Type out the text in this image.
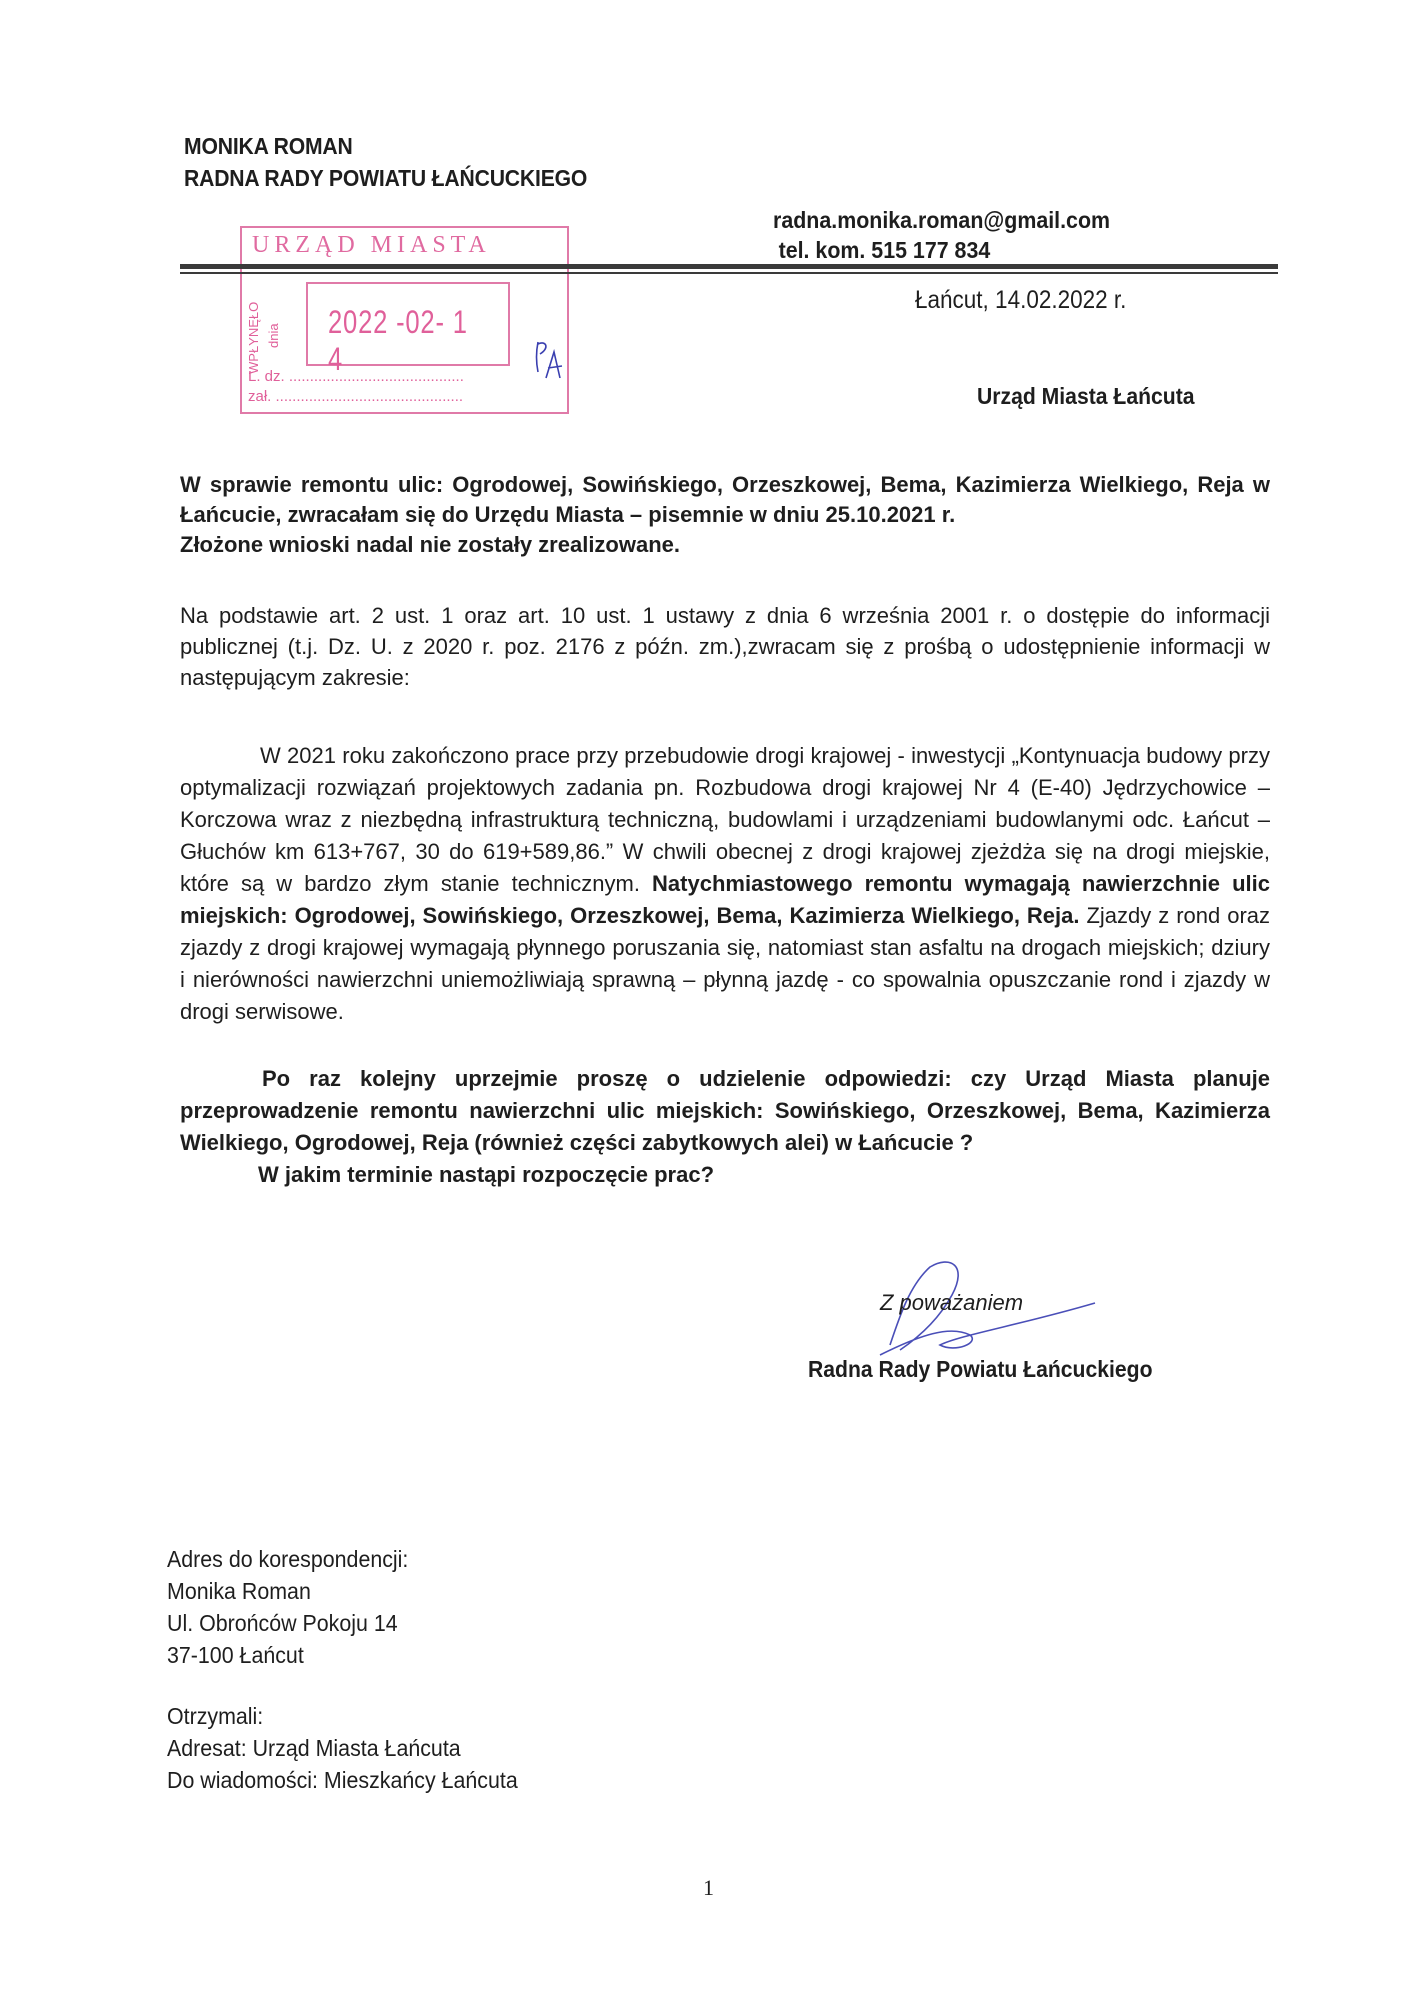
MONIKA ROMAN
RADNA RADY POWIATU ŁAŃCUCKIEGO
radna.monika.roman@gmail.com
tel. kom. 515 177 834
URZĄD MIASTA
WPŁYNĘŁO dnia 2022 -02- 1 4
L. dz. ..........................................
zał. .............................................
Łańcut, 14.02.2022 r.
Urząd Miasta Łańcuta
W sprawie remontu ulic: Ogrodowej, Sowińskiego, Orzeszkowej, Bema, Kazimierza Wielkiego, Reja w Łańcucie, zwracałam się do Urzędu Miasta – pisemnie w dniu 25.10.2021 r.
Złożone wnioski nadal nie zostały zrealizowane.
Na podstawie art. 2 ust. 1 oraz art. 10 ust. 1 ustawy z dnia 6 września 2001 r. o dostępie do informacji publicznej (t.j. Dz. U. z 2020 r. poz. 2176 z późn. zm.),zwracam się z prośbą o udostępnienie informacji w następującym zakresie:
W 2021 roku zakończono prace przy przebudowie drogi krajowej - inwestycji „Kontynuacja budowy przy optymalizacji rozwiązań projektowych zadania pn. Rozbudowa drogi krajowej Nr 4 (E-40) Jędrzychowice – Korczowa wraz z niezbędną infrastrukturą techniczną, budowlami i urządzeniami budowlanymi odc. Łańcut – Głuchów km 613+767, 30 do 619+589,86.” W chwili obecnej z drogi krajowej zjeżdża się na drogi miejskie, które są w bardzo złym stanie technicznym. Natychmiastowego remontu wymagają nawierzchnie ulic miejskich: Ogrodowej, Sowińskiego, Orzeszkowej, Bema, Kazimierza Wielkiego, Reja. Zjazdy z rond oraz zjazdy z drogi krajowej wymagają płynnego poruszania się, natomiast stan asfaltu na drogach miejskich; dziury i nierówności nawierzchni uniemożliwiają sprawną – płynną jazdę - co spowalnia opuszczanie rond i zjazdy w drogi serwisowe.
Po raz kolejny uprzejmie proszę o udzielenie odpowiedzi: czy Urząd Miasta planuje przeprowadzenie remontu nawierzchni ulic miejskich: Sowińskiego, Orzeszkowej, Bema, Kazimierza Wielkiego, Ogrodowej, Reja (również części zabytkowych alei) w Łańcucie ?
W jakim terminie nastąpi rozpoczęcie prac?
Z poważaniem
Radna Rady Powiatu Łańcuckiego
Adres do korespondencji:
Monika Roman
Ul. Obrońców Pokoju 14
37-100 Łańcut
Otrzymali:
Adresat: Urząd Miasta Łańcuta
Do wiadomości: Mieszkańcy Łańcuta
1
